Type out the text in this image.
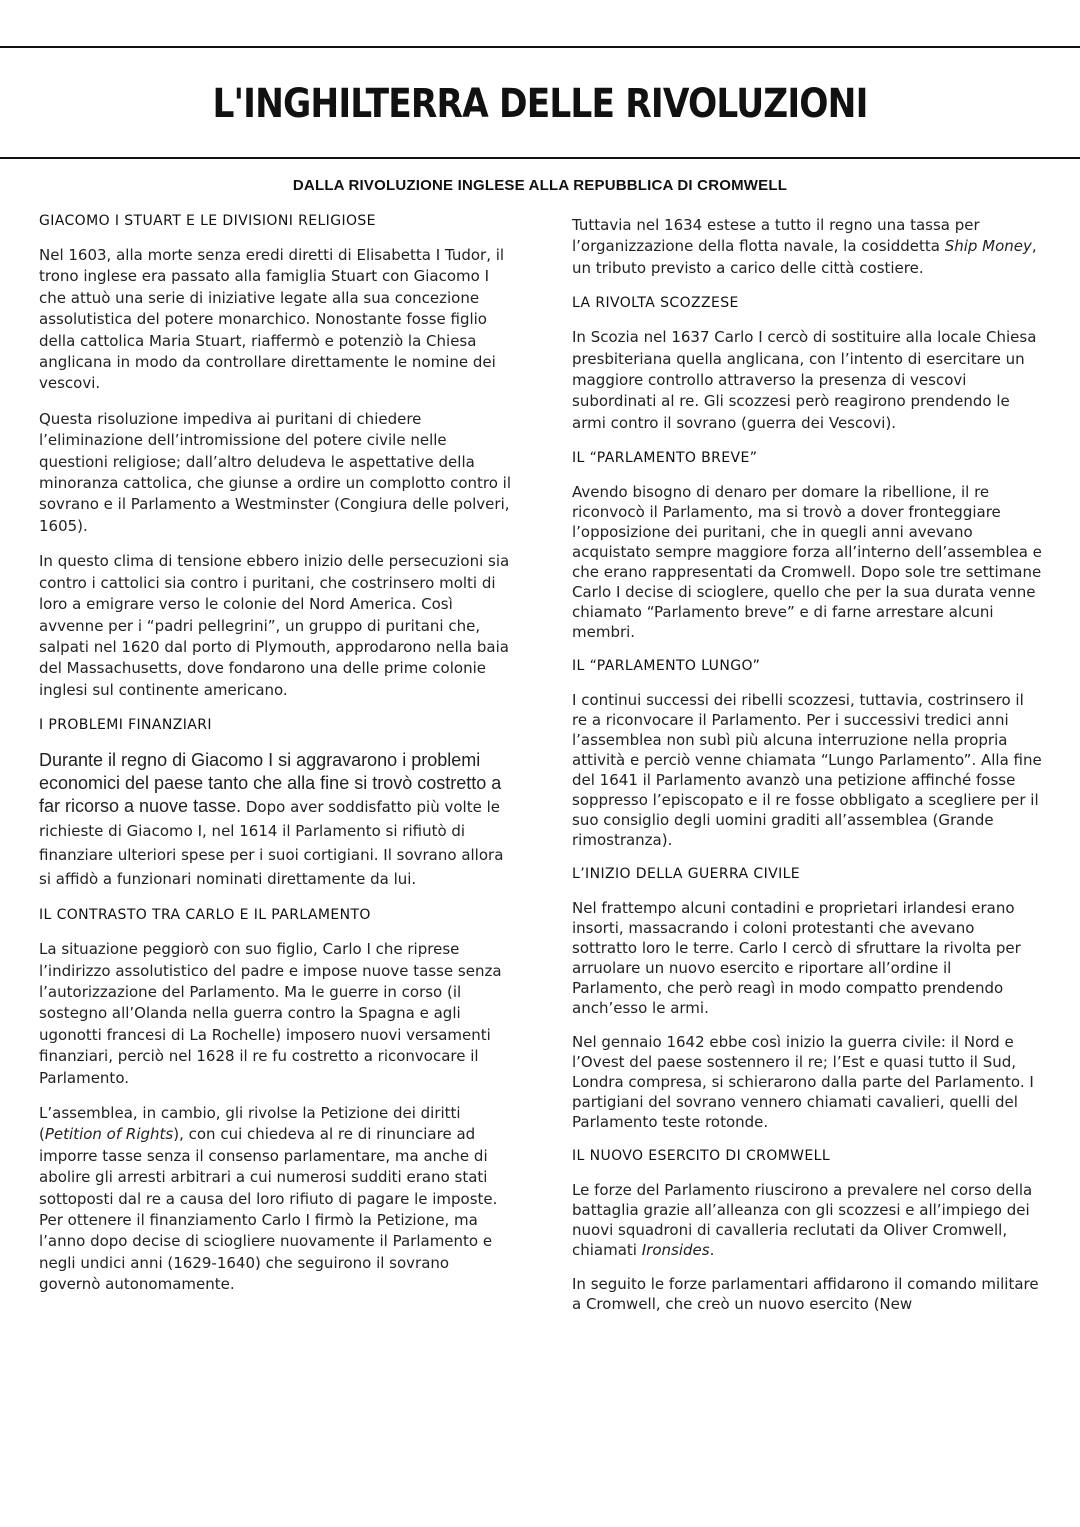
L'INGHILTERRA DELLE RIVOLUZIONI
DALLA RIVOLUZIONE INGLESE ALLA REPUBBLICA DI CROMWELL
GIACOMO I STUART E LE DIVISIONI RELIGIOSE

Nel 1603, alla morte senza eredi diretti di Elisabetta I Tudor, il trono inglese era passato alla famiglia Stuart con Giacomo I che attuò una serie di iniziative legate alla sua concezione assolutistica del potere monarchico. Nonostante fosse figlio della cattolica Maria Stuart, riaffermò e potenziò la Chiesa anglicana in modo da controllare direttamente le nomine dei vescovi.

Questa risoluzione impediva ai puritani di chiedere l’eliminazione dell’intromissione del potere civile nelle questioni religiose; dall’altro deludeva le aspettative della minoranza cattolica, che giunse a ordire un complotto contro il sovrano e il Parlamento a Westminster (Congiura delle polveri, 1605).

In questo clima di tensione ebbero inizio delle persecuzioni sia contro i cattolici sia contro i puritani, che costrinsero molti di loro a emigrare verso le colonie del Nord America. Così avvenne per i “padri pellegrini”, un gruppo di puritani che, salpati nel 1620 dal porto di Plymouth, approdarono nella baia del Massachusetts, dove fondarono una delle prime colonie inglesi sul continente americano.

I PROBLEMI FINANZIARI

Durante il regno di Giacomo I si aggravarono i problemi economici del paese tanto che alla fine si trovò costretto a far ricorso a nuove tasse. Dopo aver soddisfatto più volte le richieste di Giacomo I, nel 1614 il Parlamento si rifiutò di finanziare ulteriori spese per i suoi cortigiani. Il sovrano allora si affidò a funzionari nominati direttamente da lui.

IL CONTRASTO TRA CARLO E IL PARLAMENTO

La situazione peggiorò con suo figlio, Carlo I che riprese l’indirizzo assolutistico del padre e impose nuove tasse senza l’autorizzazione del Parlamento. Ma le guerre in corso (il sostegno all’Olanda nella guerra contro la Spagna e agli ugonotti francesi di La Rochelle) imposero nuovi versamenti finanziari, perciò nel 1628 il re fu costretto a riconvocare il Parlamento.

L’assemblea, in cambio, gli rivolse la Petizione dei diritti (Petition of Rights), con cui chiedeva al re di rinunciare ad imporre tasse senza il consenso parlamentare, ma anche di abolire gli arresti arbitrari a cui numerosi sudditi erano stati sottoposti dal re a causa del loro rifiuto di pagare le imposte. Per ottenere il finanziamento Carlo I firmò la Petizione, ma l’anno dopo decise di sciogliere nuovamente il Parlamento e negli undici anni (1629-1640) che seguirono il sovrano governò autonomamente.

Tuttavia nel 1634 estese a tutto il regno una tassa per l’organizzazione della flotta navale, la cosiddetta Ship Money, un tributo previsto a carico delle città costiere.

LA RIVOLTA SCOZZESE

In Scozia nel 1637 Carlo I cercò di sostituire alla locale Chiesa presbiteriana quella anglicana, con l’intento di esercitare un maggiore controllo attraverso la presenza di vescovi subordinati al re. Gli scozzesi però reagirono prendendo le armi contro il sovrano (guerra dei Vescovi).

IL “PARLAMENTO BREVE”

Avendo bisogno di denaro per domare la ribellione, il re riconvocò il Parlamento, ma si trovò a dover fronteggiare l’opposizione dei puritani, che in quegli anni avevano acquistato sempre maggiore forza all’interno dell’assemblea e che erano rappresentati da Cromwell. Dopo sole tre settimane Carlo I decise di scioglere, quello che per la sua durata venne chiamato “Parlamento breve” e di farne arrestare alcuni membri.

IL “PARLAMENTO LUNGO”

I continui successi dei ribelli scozzesi, tuttavia, costrinsero il re a riconvocare il Parlamento. Per i successivi tredici anni l’assemblea non subì più alcuna interruzione nella propria attività e perciò venne chiamata “Lungo Parlamento”. Alla fine del 1641 il Parlamento avanzò una petizione affinché fosse soppresso l’episcopato e il re fosse obbligato a scegliere per il suo consiglio degli uomini graditi all’assemblea (Grande rimostranza).

L’INIZIO DELLA GUERRA CIVILE

Nel frattempo alcuni contadini e proprietari irlandesi erano insorti, massacrando i coloni protestanti che avevano sottratto loro le terre. Carlo I cercò di sfruttare la rivolta per arruolare un nuovo esercito e riportare all’ordine il Parlamento, che però reagì in modo compatto prendendo anch’esso le armi.

Nel gennaio 1642 ebbe così inizio la guerra civile: il Nord e l’Ovest del paese sostennero il re; l’Est e quasi tutto il Sud, Londra compresa, si schierarono dalla parte del Parlamento. I partigiani del sovrano vennero chiamati cavalieri, quelli del Parlamento teste rotonde.

IL NUOVO ESERCITO DI CROMWELL

Le forze del Parlamento riuscirono a prevalere nel corso della battaglia grazie all’alleanza con gli scozzesi e all’impiego dei nuovi squadroni di cavalleria reclutati da Oliver Cromwell, chiamati Ironsides.

In seguito le forze parlamentari affidarono il comando militare a Cromwell, che creò un nuovo esercito (New
